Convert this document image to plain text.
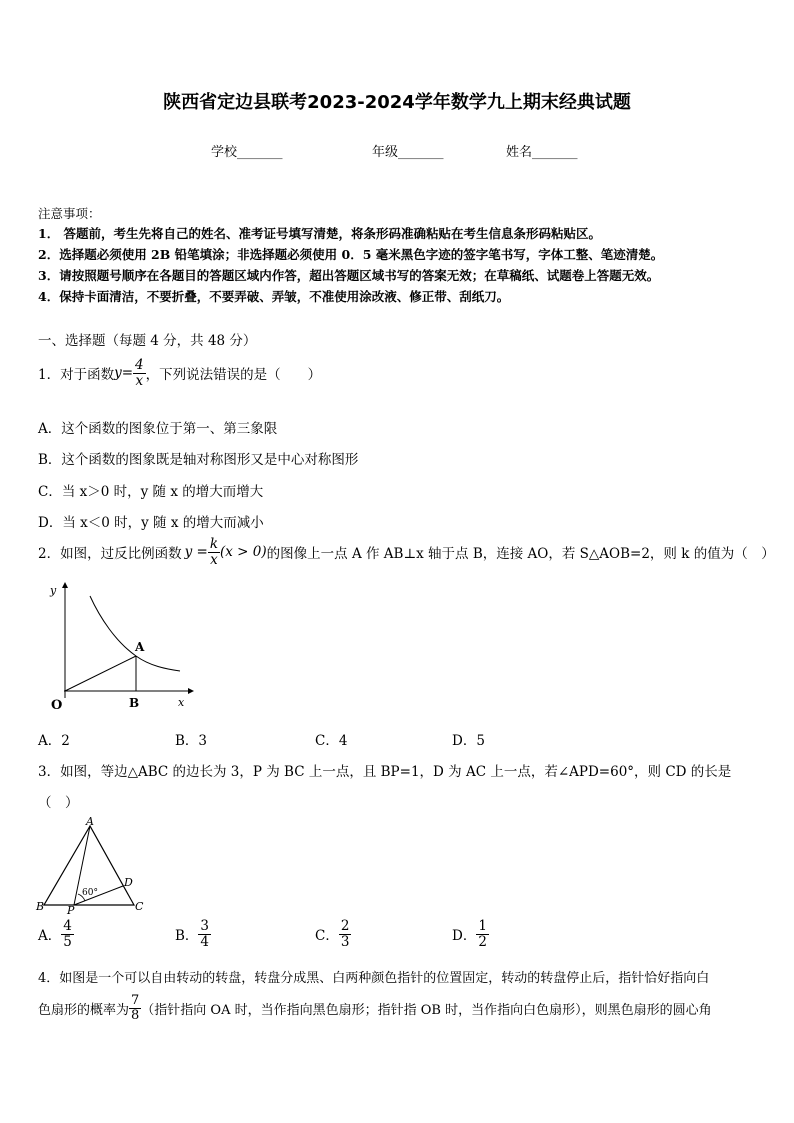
陕西省定边县联考2023-2024学年数学九上期末经典试题
学校_______	年级_______	姓名_______
注意事项：
1． 答题前，考生先将自己的姓名、准考证号填写清楚，将条形码准确粘贴在考生信息条形码粘贴区。
2．选择题必须使用 2B 铅笔填涂；非选择题必须使用 0．5 毫米黑色字迹的签字笔书写，字体工整、笔迹清楚。
3．请按照题号顺序在各题目的答题区域内作答，超出答题区域书写的答案无效；在草稿纸、试题卷上答题无效。
4．保持卡面清洁，不要折叠，不要弄破、弄皱，不准使用涂改液、修正带、刮纸刀。
一、选择题（每题 4 分，共 48 分）
1．对于函数 $y = \frac{4}{x}$ ，下列说法错误的是（　　）
A．这个函数的图象位于第一、第三象限
B．这个函数的图象既是轴对称图形又是中心对称图形
C．当 x＞0 时，y 随 x 的增大而增大
D．当 x＜0 时，y 随 x 的增大而减小
2．如图，过反比例函数 $y = \frac{k}{x} (x > 0)$ 的图像上一点 A 作 AB⊥x 轴于点 B，连接 AO，若 S△AOB=2，则 k 的值为（　）
y
x
O
A
B
A．2	B．3	C．4	D．5
3．如图，等边△ABC 的边长为 3，P 为 BC 上一点，且 BP=1，D 为 AC 上一点，若∠APD=60°，则 CD 的长是
（　）
A
B	C
D
P
60°
A． $\frac{4}{5}$	B． $\frac{3}{4}$	C． $\frac{2}{3}$	D． $\frac{1}{2}$
4．如图是一个可以自由转动的转盘，转盘分成黑、白两种颜色指针的位置固定，转动的转盘停止后，指针恰好指向白
色扇形的概率为 $\frac{7}{8}$ （指针指向 OA 时，当作指向黑色扇形；指针指 OB 时，当作指向白色扇形），则黑色扇形的圆心角
